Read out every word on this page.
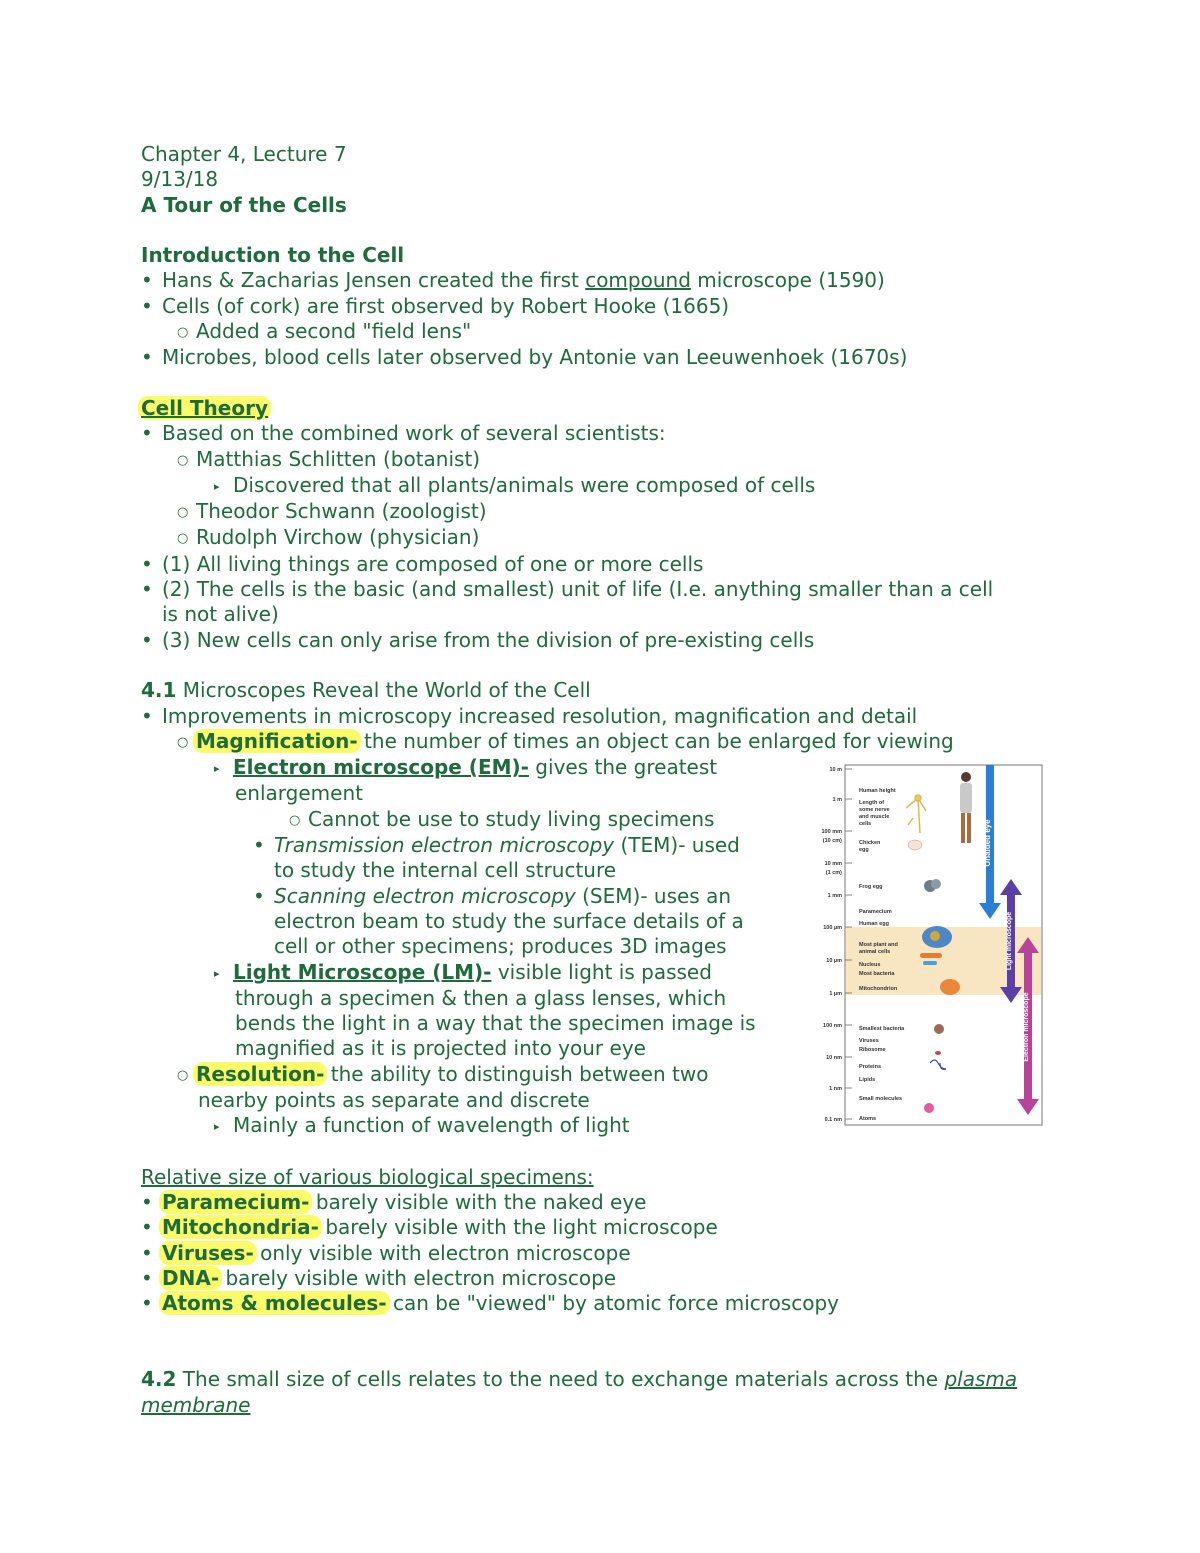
Chapter 4, Lecture 7
9/13/18
A Tour of the Cells
Introduction to the Cell
• Hans & Zacharias Jensen created the first compound microscope (1590)
• Cells (of cork) are first observed by Robert Hooke (1665)
○ Added a second "field lens"
• Microbes, blood cells later observed by Antonie van Leeuwenhoek (1670s)
Cell Theory
• Based on the combined work of several scientists:
○ Matthias Schlitten (botanist)
▸ Discovered that all plants/animals were composed of cells
○ Theodor Schwann (zoologist)
○ Rudolph Virchow (physician)
• (1) All living things are composed of one or more cells
• (2) The cells is the basic (and smallest) unit of life (I.e. anything smaller than a cell
is not alive)
• (3) New cells can only arise from the division of pre-existing cells
4.1 Microscopes Reveal the World of the Cell
• Improvements in microscopy increased resolution, magnification and detail
○ Magnification- the number of times an object can be enlarged for viewing
▸ Electron microscope (EM)- gives the greatest
enlargement
○ Cannot be use to study living specimens
• Transmission electron microscopy (TEM)- used
to study the internal cell structure
• Scanning electron microscopy (SEM)- uses an
electron beam to study the surface details of a
cell or other specimens; produces 3D images
▸ Light Microscope (LM)- visible light is passed
through a specimen & then a glass lenses, which
bends the light in a way that the specimen image is
magnified as it is projected into your eye
○ Resolution- the ability to distinguish between two
nearby points as separate and discrete
▸ Mainly a function of wavelength of light
Relative size of various biological specimens:
• Paramecium- barely visible with the naked eye
• Mitochondria- barely visible with the light microscope
• Viruses- only visible with electron microscope
• DNA- barely visible with electron microscope
• Atoms & molecules- can be "viewed" by atomic force microscopy
4.2 The small size of cells relates to the need to exchange materials across the plasma
membrane
10 m
1 m
100 mm
(10 cm)
10 mm
(1 cm)
1 mm
100 µm
10 µm
1 µm
100 nm
10 nm
1 nm
0.1 nm
Human height
Length of
some nerve
and muscle
cells
Chicken
egg
Frog egg
Paramecium
Human egg
Most plant and
animal cells
Nucleus
Most bacteria
Mitochondrion
Smallest bacteria
Viruses
Ribosome
Proteins
Lipids
Small molecules
Atoms
Unaided eye
Light microscope
Electron microscope
